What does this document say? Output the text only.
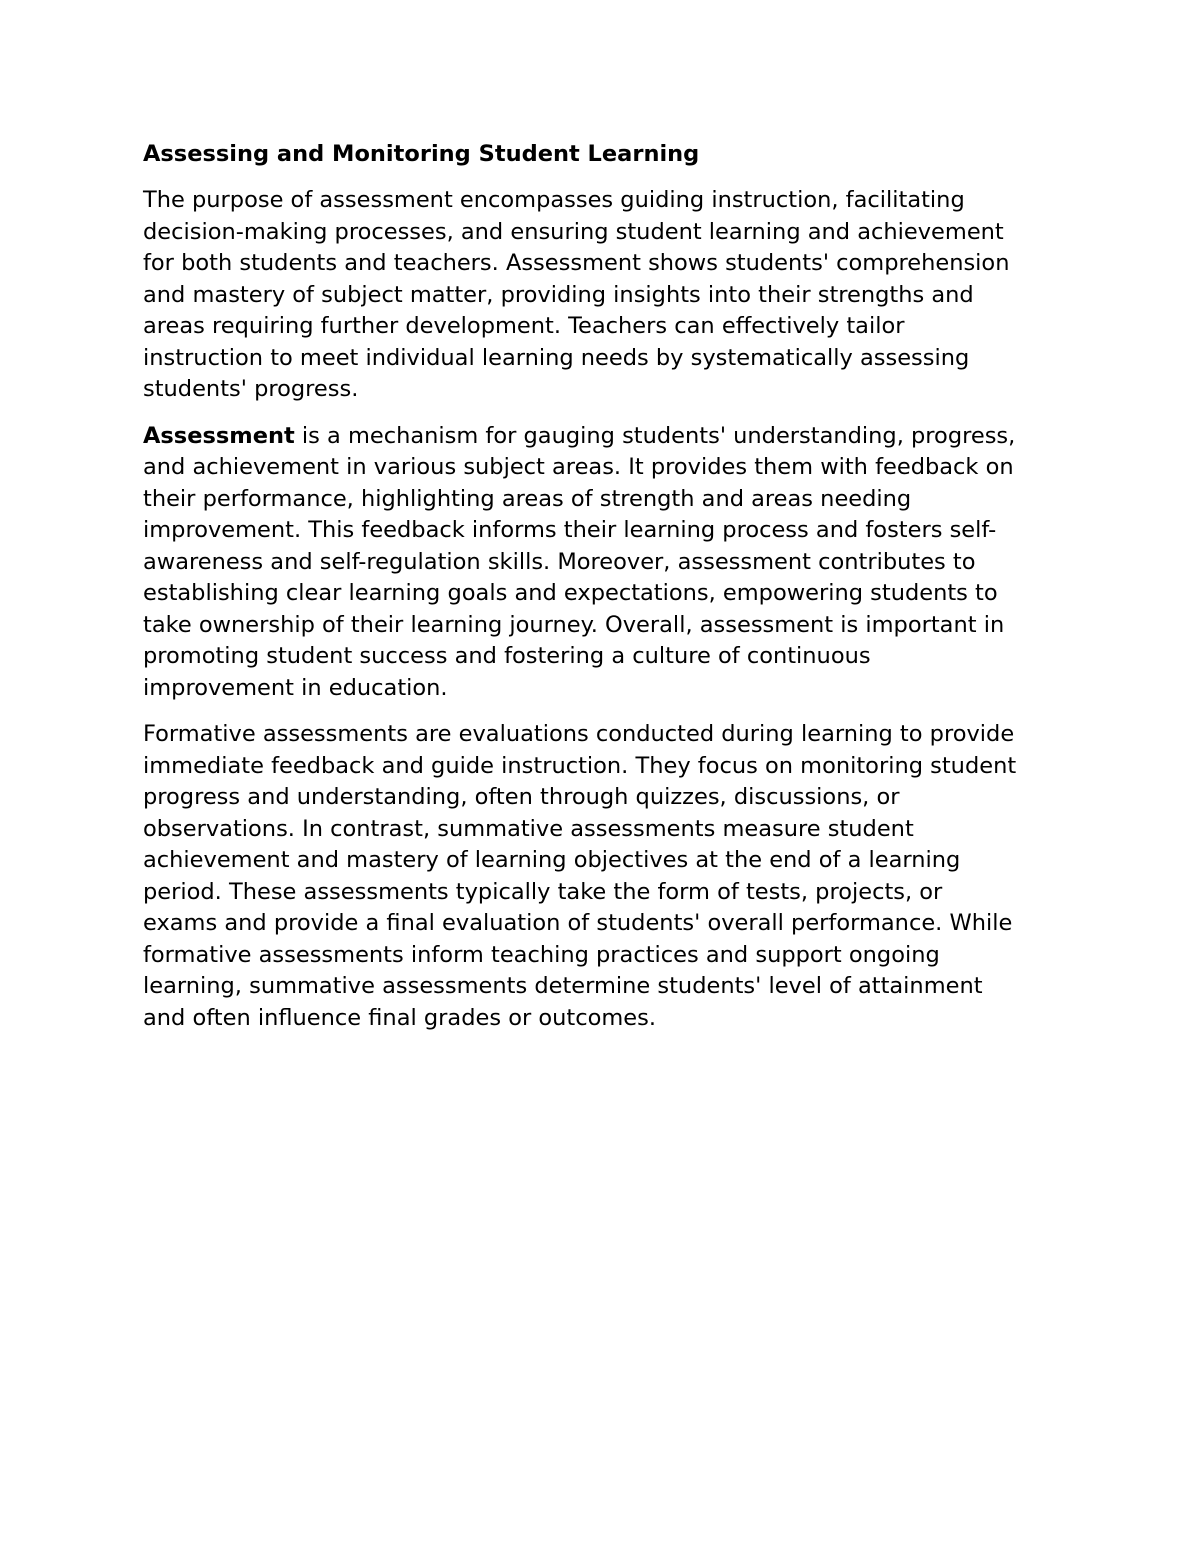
Assessing and Monitoring Student Learning
The purpose of assessment encompasses guiding instruction, facilitating
decision-making processes, and ensuring student learning and achievement
for both students and teachers. Assessment shows students' comprehension
and mastery of subject matter, providing insights into their strengths and
areas requiring further development. Teachers can effectively tailor
instruction to meet individual learning needs by systematically assessing
students' progress.
Assessment is a mechanism for gauging students' understanding, progress,
and achievement in various subject areas. It provides them with feedback on
their performance, highlighting areas of strength and areas needing
improvement. This feedback informs their learning process and fosters self-
awareness and self-regulation skills. Moreover, assessment contributes to
establishing clear learning goals and expectations, empowering students to
take ownership of their learning journey. Overall, assessment is important in
promoting student success and fostering a culture of continuous
improvement in education.
Formative assessments are evaluations conducted during learning to provide
immediate feedback and guide instruction. They focus on monitoring student
progress and understanding, often through quizzes, discussions, or
observations. In contrast, summative assessments measure student
achievement and mastery of learning objectives at the end of a learning
period. These assessments typically take the form of tests, projects, or
exams and provide a final evaluation of students' overall performance. While
formative assessments inform teaching practices and support ongoing
learning, summative assessments determine students' level of attainment
and often influence final grades or outcomes.
